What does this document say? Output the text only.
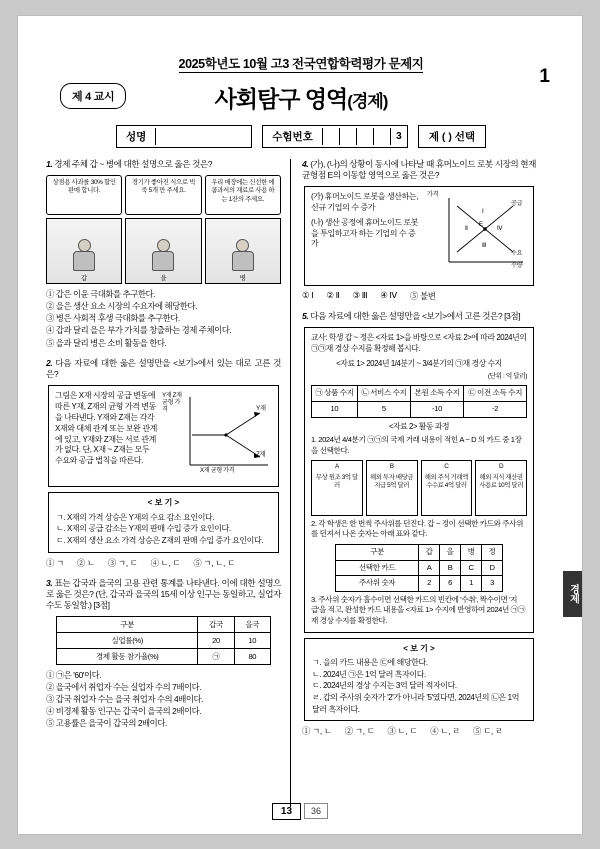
2025학년도 10월 고3 전국연합학력평가 문제지
1
제 4 교시	사회탐구 영역(경제)
성명	수험번호	3	제 ( ) 선택
1. 경제 주체 갑 ~ 병에 대한 설명으로 옳은 것은?
상점용 사과를 30% 할인 판매 합니다.
경기가 좋아진 식으로 빅죽 5개 만 주세요.
우리 매장에는 신선한 에콤과서의 재료로 사용 하는 1잔의 주세요.
갑	을	병
① 갑은 이윤 극대화를 추구한다.
② 을은 생산 요소 시장의 수요자에 해당한다.
③ 병은 사회적 후생 극대화를 추구한다.
④ 갑과 달리 을은 부가 가치를 창출하는 경제 주체이다.
⑤ 을과 달리 병은 소비 활동을 한다.
2. 다음 자료에 대한 옳은 설명만을 <보기>에서 있는 대로 고른 것은?
그림은 X재 시장의 공급 변동에 따른 Y재, Z재의 균형 가격 변동을 나타낸다. Y재와 Z재는 각각 X재와 대체 관계 또는 보완 관계에 있고, Y재와 Z재는 서로 관계가 없다. 단, X재 ~ Z재는 모두 수요와 공급 법칙을 따른다.
Y재 Z재 균형 가격	Y재
Z재
X재 균형 가격
< 보 기 >
ㄱ. X재의 가격 상승은 Y재의 수요 감소 요인이다.
ㄴ. X재의 공급 감소는 Y재의 판매 수입 증가 요인이다.
ㄷ. X재의 생산 요소 가격 상승은 Z재의 판매 수입 증가 요인이다.
① ㄱ ② ㄴ ③ ㄱ, ㄷ ④ ㄴ, ㄷ ⑤ ㄱ, ㄴ, ㄷ
3. 표는 갑국과 을국의 고용 관련 통계를 나타낸다. 이에 대한 설명으로 옳은 것은? (단, 갑국과 을국의 15세 이상 인구는 동일하고, 실업자 수도 동일함.) [3점]
구분	갑국	을국
실업률(%)	20	10
경제 활동 참가율(%)	㉠	80
① ㉠은 '60'이다.
② 을국에서 취업자 수는 실업자 수의 7배이다.
③ 갑국 취업자 수는 을국 취업자 수의 4배이다.
④ 비경제 활동 인구는 갑국이 을국의 2배이다.
⑤ 고용률은 을국이 갑국의 2배이다.
4. (가), (나)의 상황이 동시에 나타날 때 휴머노이드 로봇 시장의 현재 균형점 E의 이동할 영역으로 옳은 것은?
(가) 휴머노이드 로봇을 생산하는, 신규 기업의 수 증가
(나) 생산 공정에 휴머노이드 로봇을 투입하고자 하는 기업의 수 증가
가격
공급
수요
수량
Ⅰ
Ⅱ
Ⅲ
Ⅳ
E
① Ⅰ ② Ⅱ ③ Ⅲ ④ Ⅳ ⑤ 불변
5. 다음 자료에 대한 옳은 설명만을 <보기>에서 고른 것은? [3점]
교사: 학생 갑 ~ 정은 <자료 1>을 바탕으로 <자료 2>에 따라 2024년의 ㉠㉠재 경상 수지를 확정해 봅시다.
<자료 1> 2024년 1/4분기 ~ 3/4분기의 ㉠재 경상 수지
(단위 : 억 달러)
㉠ 상품 수지	㉡ 서비스 수지	본원 소득 수지	㉢ 이전 소득 수지
10	5	-10	-2
<자료 2> 활동 과정
1. 2024년 4/4분기 ㉠㉠의 국제 거래 내용이 적힌 A ~ D 의 카드 중 1장을 선택한다.
A
무상 원조 3억 달러
B
해외 투자 배당금 지급 5억 달러
C
해외 주식 거래액 수수료 4억 달러
D
해외 지식 재산권 사용료 10억 달러
2. 각 학생은 한 번씩 주사위를 던진다. 갑 ~ 정이 선택한 카드와 주사위를 던져서 나온 숫자는 아래 표와 같다.
구분	갑	을	병	정
선택한 카드	A	B	C	D
주사위 숫자	2	6	1	3
3. 주사위 숫자가 홀수이면 선택한 카드의 빈칸에 '수취', 짝수이면 '지급'을 적고, 완성한 카드 내용을 <자료 1> 수지에 반영하여 2024년 ㉠㉠재 경상 수지를 확정한다.
< 보 기 >
ㄱ. 을의 카드 내용은 ㉢에 해당한다.
ㄴ. 2024년 ㉠은 1억 달러 흑자이다.
ㄷ. 2024년의 경상 수지는 3억 달러 적자이다.
ㄹ. 갑의 주사위 숫자가 '2'가 아니라 '5'였다면, 2024년의 ㉡은 1억 달러 흑자이다.
① ㄱ, ㄴ ② ㄱ, ㄷ ③ ㄴ, ㄷ ④ ㄴ, ㄹ ⑤ ㄷ, ㄹ
경제
13	36
